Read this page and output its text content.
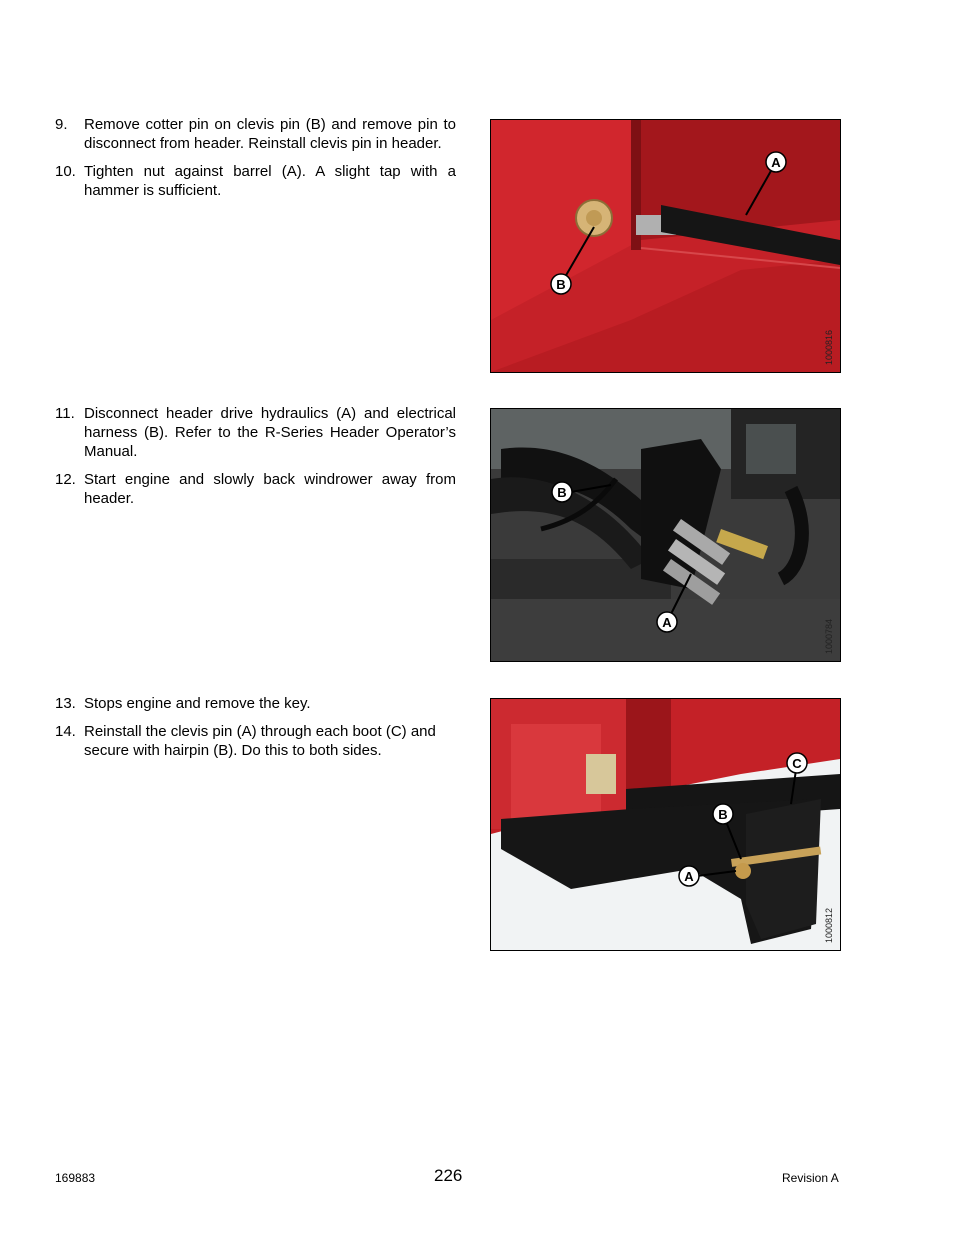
9. Remove cotter pin on clevis pin (B) and remove pin to disconnect from header. Reinstall clevis pin in header.
10. Tighten nut against barrel (A). A slight tap with a hammer is sufficient.
A
B
1000816
11. Disconnect header drive hydraulics (A) and electrical harness (B). Refer to the R-Series Header Operator’s Manual.
12. Start engine and slowly back windrower away from header.	B
A	1000784
13. Stops engine and remove the key.
14. Reinstall the clevis pin (A) through each boot (C) and secure with hairpin (B). Do this to both sides.
C
B
A
1000812
169883	226	Revision A
